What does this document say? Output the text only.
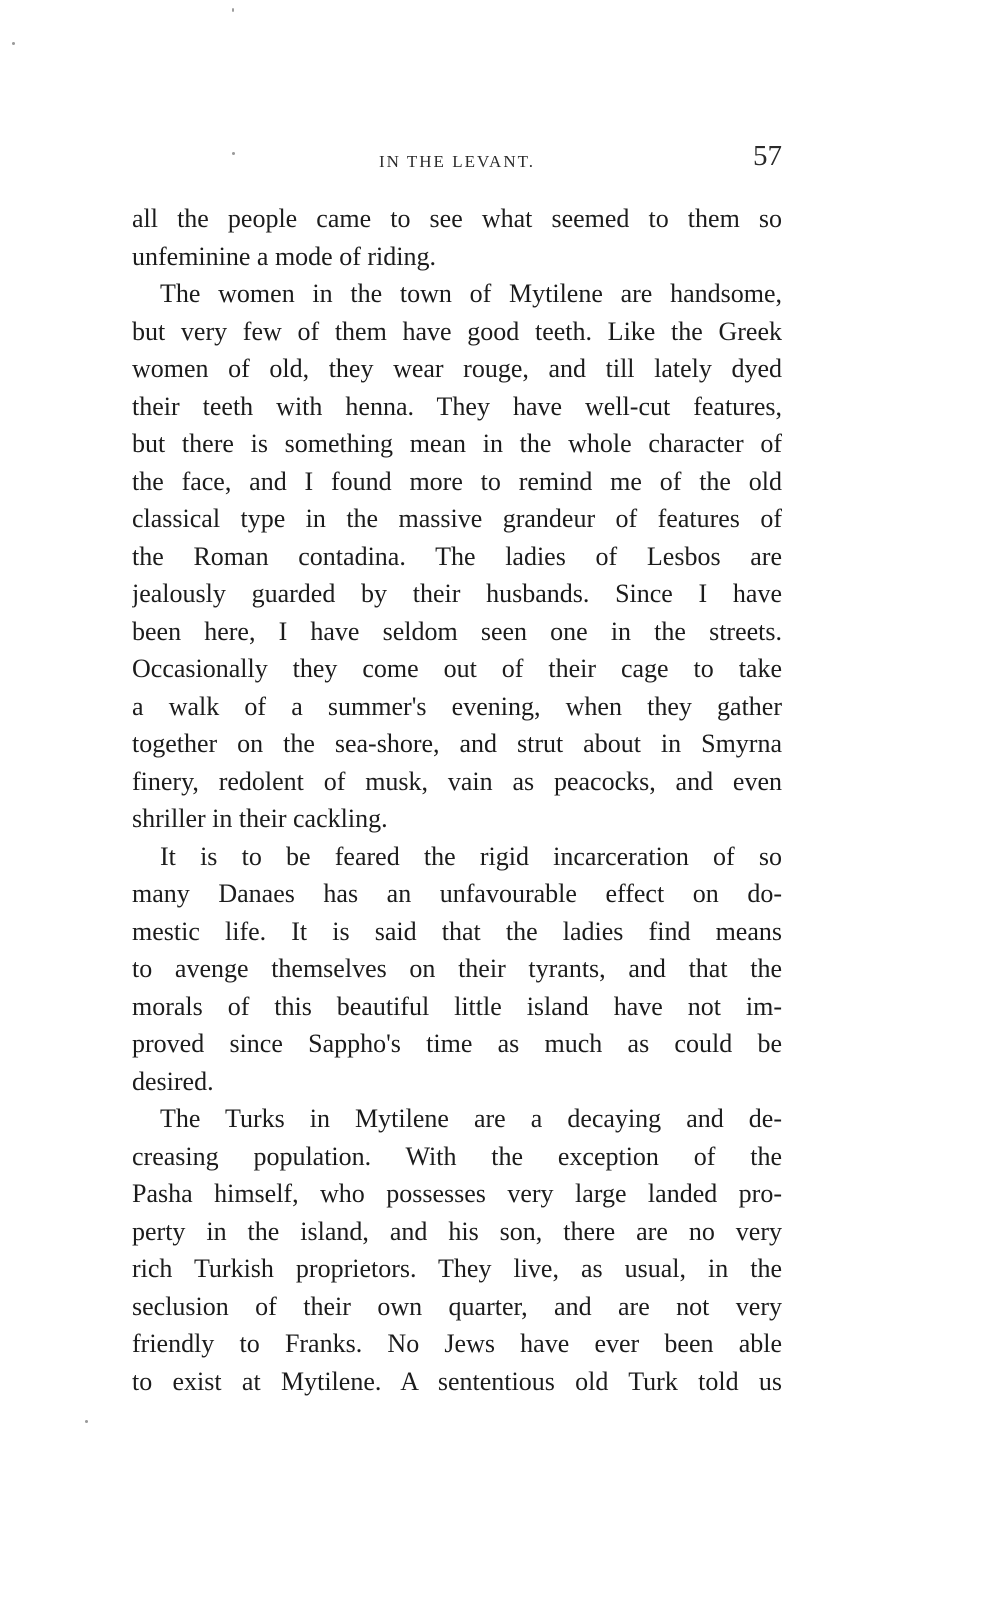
IN THE LEVANT.	57
all the people came to see what seemed to them so
unfeminine a mode of riding.
The women in the town of Mytilene are handsome,
but very few of them have good teeth. Like the Greek
women of old, they wear rouge, and till lately dyed
their teeth with henna. They have well-cut features,
but there is something mean in the whole character of
the face, and I found more to remind me of the old
classical type in the massive grandeur of features of
the Roman contadina. The ladies of Lesbos are
jealously guarded by their husbands. Since I have
been here, I have seldom seen one in the streets.
Occasionally they come out of their cage to take
a walk of a summer's evening, when they gather
together on the sea-shore, and strut about in Smyrna
finery, redolent of musk, vain as peacocks, and even
shriller in their cackling.
It is to be feared the rigid incarceration of so
many Danaes has an unfavourable effect on do-
mestic life. It is said that the ladies find means
to avenge themselves on their tyrants, and that the
morals of this beautiful little island have not im-
proved since Sappho's time as much as could be
desired.
The Turks in Mytilene are a decaying and de-
creasing population. With the exception of the
Pasha himself, who possesses very large landed pro-
perty in the island, and his son, there are no very
rich Turkish proprietors. They live, as usual, in the
seclusion of their own quarter, and are not very
friendly to Franks. No Jews have ever been able
to exist at Mytilene. A sententious old Turk told us
